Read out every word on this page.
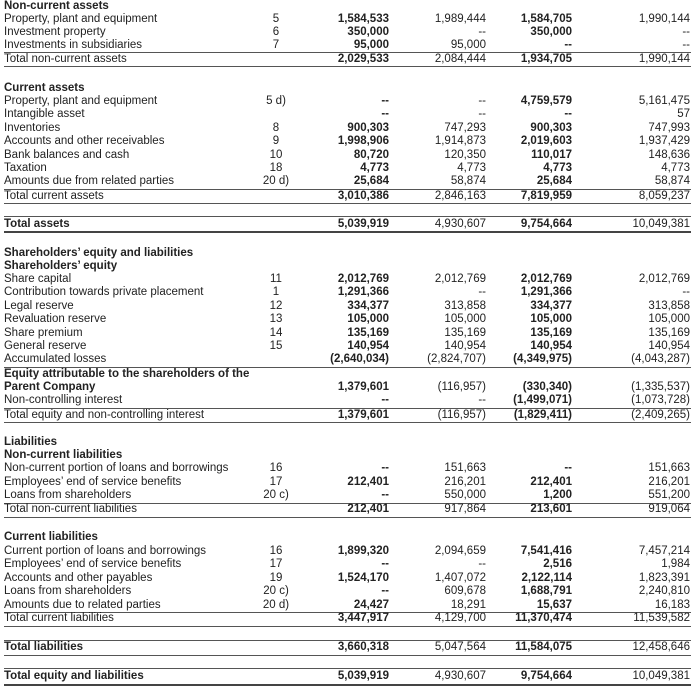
Non-current assets
Property, plant and equipment	5	1,584,533	1,989,444	1,584,705	1,990,144
Investment property	6	350,000	--	350,000	--
Investments in subsidiaries	7	95,000	95,000	--	--
Total non-current assets	2,029,533	2,084,444	1,934,705	1,990,144
Current assets
Property, plant and equipment	5 d)	--	--	4,759,579	5,161,475
Intangible asset	--	--	--	57
Inventories	8	900,303	747,293	900,303	747,993
Accounts and other receivables	9	1,998,906	1,914,873	2,019,603	1,937,429
Bank balances and cash	10	80,720	120,350	110,017	148,636
Taxation	18	4,773	4,773	4,773	4,773
Amounts due from related parties	20 d)	25,684	58,874	25,684	58,874
Total current assets	3,010,386	2,846,163	7,819,959	8,059,237
Total assets	5,039,919	4,930,607	9,754,664	10,049,381
Shareholders’ equity and liabilities
Shareholders’ equity
Share capital	11	2,012,769	2,012,769	2,012,769	2,012,769
Contribution towards private placement	1	1,291,366	--	1,291,366	--
Legal reserve	12	334,377	313,858	334,377	313,858
Revaluation reserve	13	105,000	105,000	105,000	105,000
Share premium	14	135,169	135,169	135,169	135,169
General reserve	15	140,954	140,954	140,954	140,954
Accumulated losses	(2,640,034)	(2,824,707)	(4,349,975)	(4,043,287)
Equity attributable to the shareholders of the
Parent Company	1,379,601	(116,957)	(330,340)	(1,335,537)
Non-controlling interest	--	--	(1,499,071)	(1,073,728)
Total equity and non-controlling interest	1,379,601	(116,957)	(1,829,411)	(2,409,265)
Liabilities
Non-current liabilities
Non-current portion of loans and borrowings	16	--	151,663	--	151,663
Employees’ end of service benefits	17	212,401	216,201	212,401	216,201
Loans from shareholders	20 c)	--	550,000	1,200	551,200
Total non-current liabilities	212,401	917,864	213,601	919,064
Current liabilities
Current portion of loans and borrowings	16	1,899,320	2,094,659	7,541,416	7,457,214
Employees’ end of service benefits	17	--	--	2,516	1,984
Accounts and other payables	19	1,524,170	1,407,072	2,122,114	1,823,391
Loans from shareholders	20 c)	--	609,678	1,688,791	2,240,810
Amounts due to related parties	20 d)	24,427	18,291	15,637	16,183
Total current liabilities	3,447,917	4,129,700	11,370,474	11,539,582
Total liabilities	3,660,318	5,047,564	11,584,075	12,458,646
Total equity and liabilities	5,039,919	4,930,607	9,754,664	10,049,381
